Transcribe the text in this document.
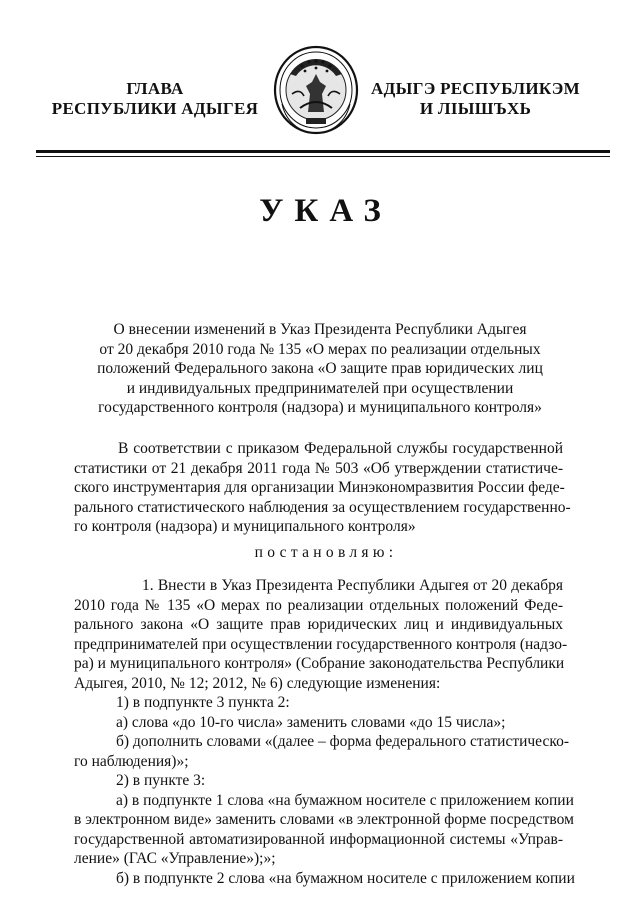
ГЛАВА
РЕСПУБЛИКИ АДЫГЕЯ
АДЫГЭ РЕСПУБЛИКЭМ
И ЛІЫШЪХЬ
УКАЗ
О внесении изменений в Указ Президента Республики Адыгея
от 20 декабря 2010 года № 135 «О мерах по реализации отдельных
положений Федерального закона «О защите прав юридических лиц
и индивидуальных предпринимателей при осуществлении
государственного контроля (надзора) и муниципального контроля»
В соответствии с приказом Федеральной службы государственной
статистики от 21 декабря 2011 года № 503 «Об утверждении статистиче-
ского инструментария для организации Минэкономразвития России феде-
рального статистического наблюдения за осуществлением государственно-
го контроля (надзора) и муниципального контроля»
постановляю:
1. Внести в Указ Президента Республики Адыгея от 20 декабря
2010 года № 135 «О мерах по реализации отдельных положений Феде-
рального закона «О защите прав юридических лиц и индивидуальных
предпринимателей при осуществлении государственного контроля (надзо-
ра) и муниципального контроля» (Собрание законодательства Республики
Адыгея, 2010, № 12; 2012, № 6) следующие изменения:
1) в подпункте 3 пункта 2:
а) слова «до 10-го числа» заменить словами «до 15 числа»;
б) дополнить словами «(далее – форма федерального статистическо-
го наблюдения)»;
2) в пункте 3:
а) в подпункте 1 слова «на бумажном носителе с приложением копии
в электронном виде» заменить словами «в электронной форме посредством
государственной автоматизированной информационной системы «Управ-
ление» (ГАС «Управление»);»;
б) в подпункте 2 слова «на бумажном носителе с приложением копии
